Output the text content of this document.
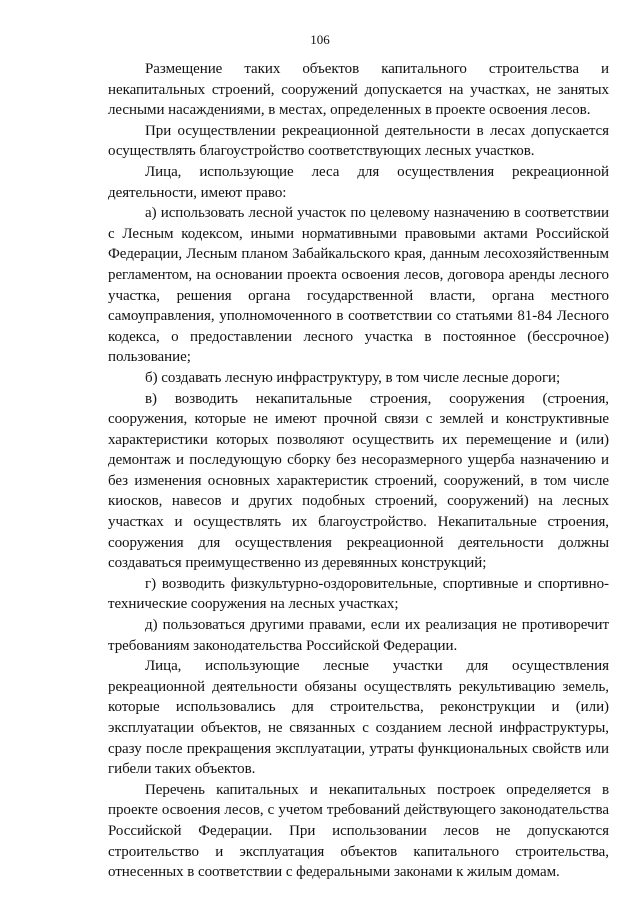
106

Размещение таких объектов капитального строительства и некапитальных строений, сооружений допускается на участках, не занятых лесными насаждениями, в местах, определенных в проекте освоения лесов.

При осуществлении рекреационной деятельности в лесах допускается осуществлять благоустройство соответствующих лесных участков.

Лица, использующие леса для осуществления рекреационной деятельности, имеют право:

а) использовать лесной участок по целевому назначению в соответствии с Лесным кодексом, иными нормативными правовыми актами Российской Федерации, Лесным планом Забайкальского края, данным лесохозяйственным регламентом, на основании проекта освоения лесов, договора аренды лесного участка, решения органа государственной власти, органа местного самоуправления, уполномоченного в соответствии со статьями 81-84 Лесного кодекса, о предоставлении лесного участка в постоянное (бессрочное) пользование;

б) создавать лесную инфраструктуру, в том числе лесные дороги;

в) возводить некапитальные строения, сооружения (строения, сооружения, которые не имеют прочной связи с землей и конструктивные характеристики которых позволяют осуществить их перемещение и (или) демонтаж и последующую сборку без несоразмерного ущерба назначению и без изменения основных характеристик строений, сооружений, в том числе киосков, навесов и других подобных строений, сооружений) на лесных участках и осуществлять их благоустройство. Некапитальные строения, сооружения для осуществления рекреационной деятельности должны создаваться преимущественно из деревянных конструкций;

г) возводить физкультурно-оздоровительные, спортивные и спортивно-технические сооружения на лесных участках;

д) пользоваться другими правами, если их реализация не противоречит требованиям законодательства Российской Федерации.

Лица, использующие лесные участки для осуществления рекреационной деятельности обязаны осуществлять рекультивацию земель, которые использовались для строительства, реконструкции и (или) эксплуатации объектов, не связанных с созданием лесной инфраструктуры, сразу после прекращения эксплуатации, утраты функциональных свойств или гибели таких объектов.

Перечень капитальных и некапитальных построек определяется в проекте освоения лесов, с учетом требований действующего законодательства Российской Федерации. При использовании лесов не допускаются строительство и эксплуатация объектов капитального строительства, отнесенных в соответствии с федеральными законами к жилым домам.
